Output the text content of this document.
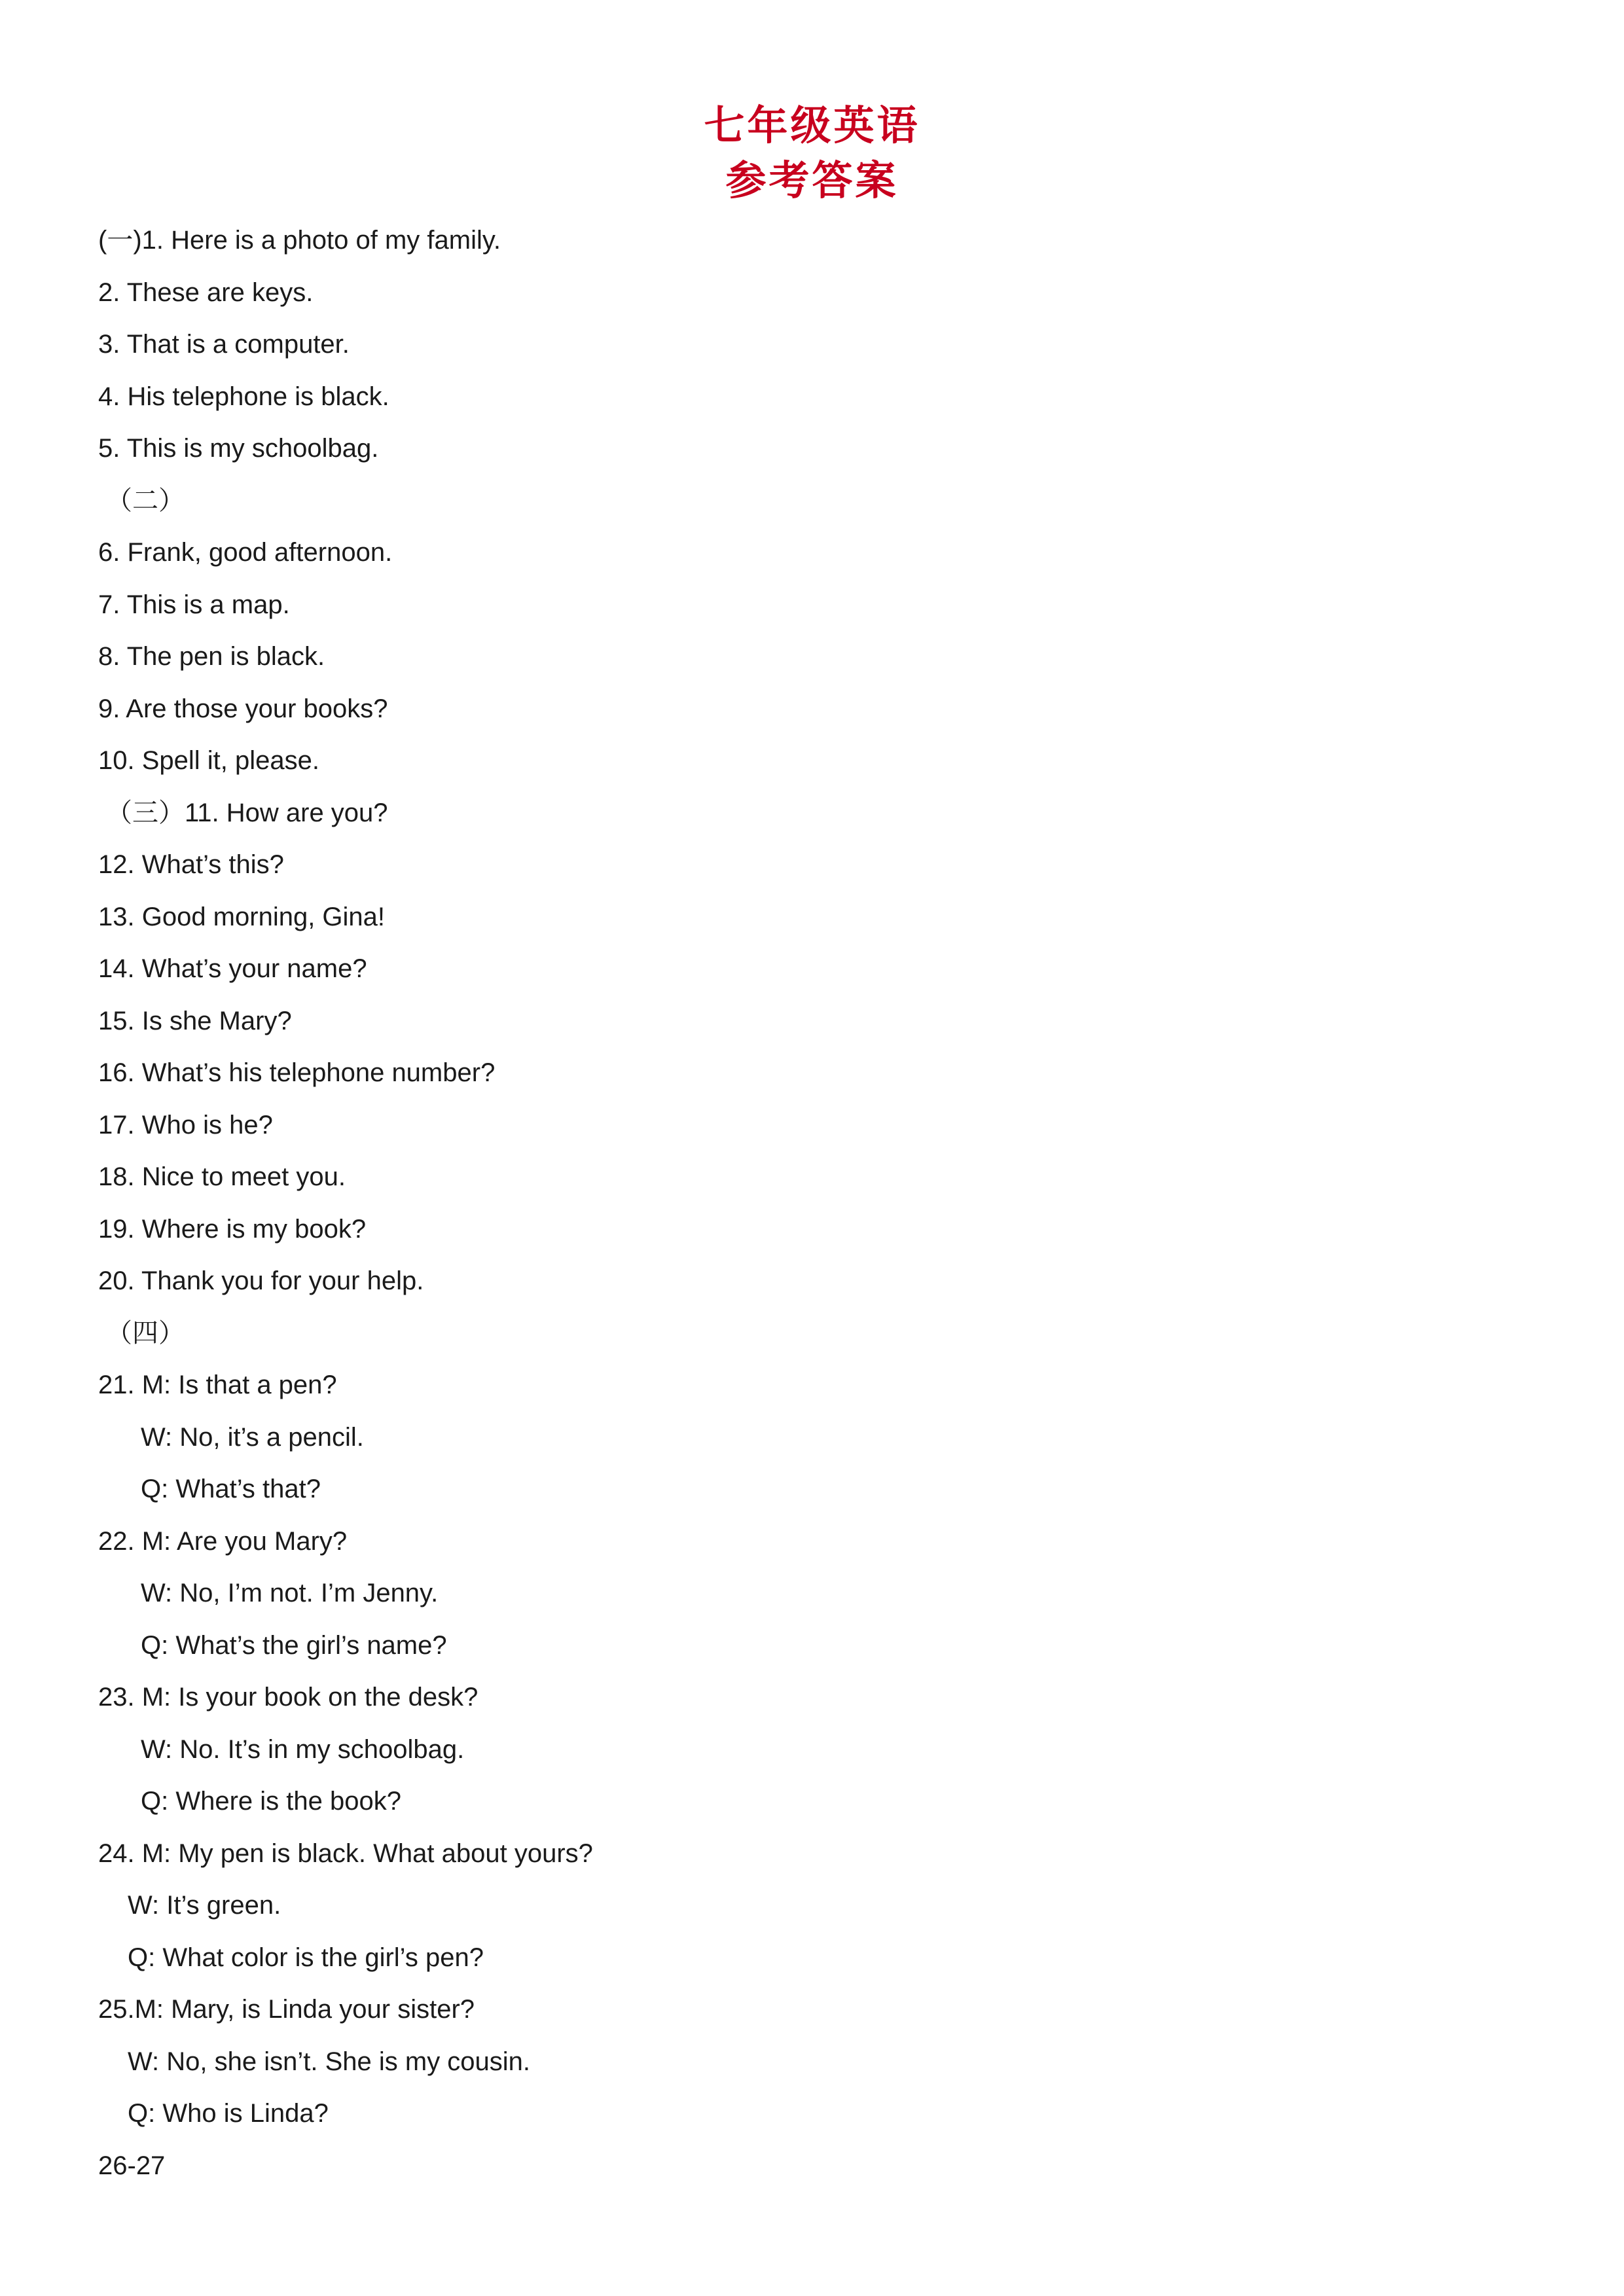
七年级英语
参考答案
(一)1. Here is a photo of my family.
2. These are keys.
3. That is a computer.
4. His telephone is black.
5. This is my schoolbag.
（二）
6. Frank, good afternoon.
7. This is a map.
8. The pen is black.
9. Are those your books?
10. Spell it, please.
（三）11. How are you?
12. What’s this?
13. Good morning, Gina!
14. What’s your name?
15. Is she Mary?
16. What’s his telephone number?
17. Who is he?
18. Nice to meet you.
19. Where is my book?
20. Thank you for your help.
（四）
21. M: Is that a pen?
W: No, it’s a pencil.
Q: What’s that?
22. M: Are you Mary?
W: No, I’m not. I’m Jenny.
Q: What’s the girl’s name?
23. M: Is your book on the desk?
W: No. It’s in my schoolbag.
Q: Where is the book?
24. M: My pen is black. What about yours?
W: It’s green.
Q: What color is the girl’s pen?
25.M: Mary, is Linda your sister?
W: No, she isn’t. She is my cousin.
Q: Who is Linda?
26-27
